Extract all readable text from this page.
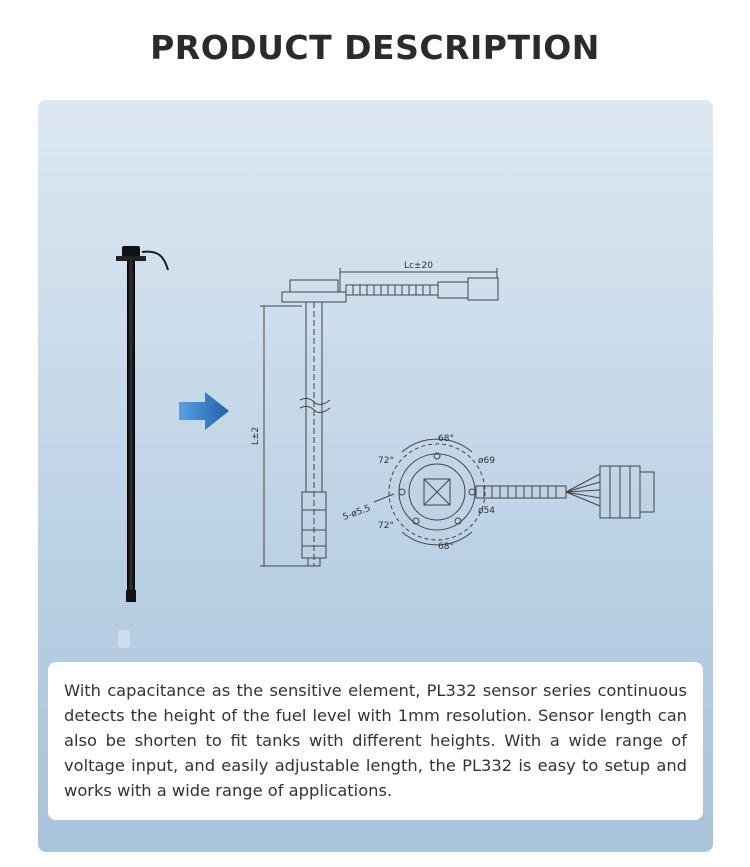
PRODUCT DESCRIPTION
Lc±20
L±2	68°
68°
72°
72°
ø69
ø54
5-ø5.5

With capacitance as the sensitive element, PL332 sensor series continuous detects the height of the fuel level with 1mm resolution. Sensor length can also be shorten to fit tanks with different heights. With a wide range of voltage input, and easily adjustable length, the PL332 is easy to setup and works with a wide range of applications.
